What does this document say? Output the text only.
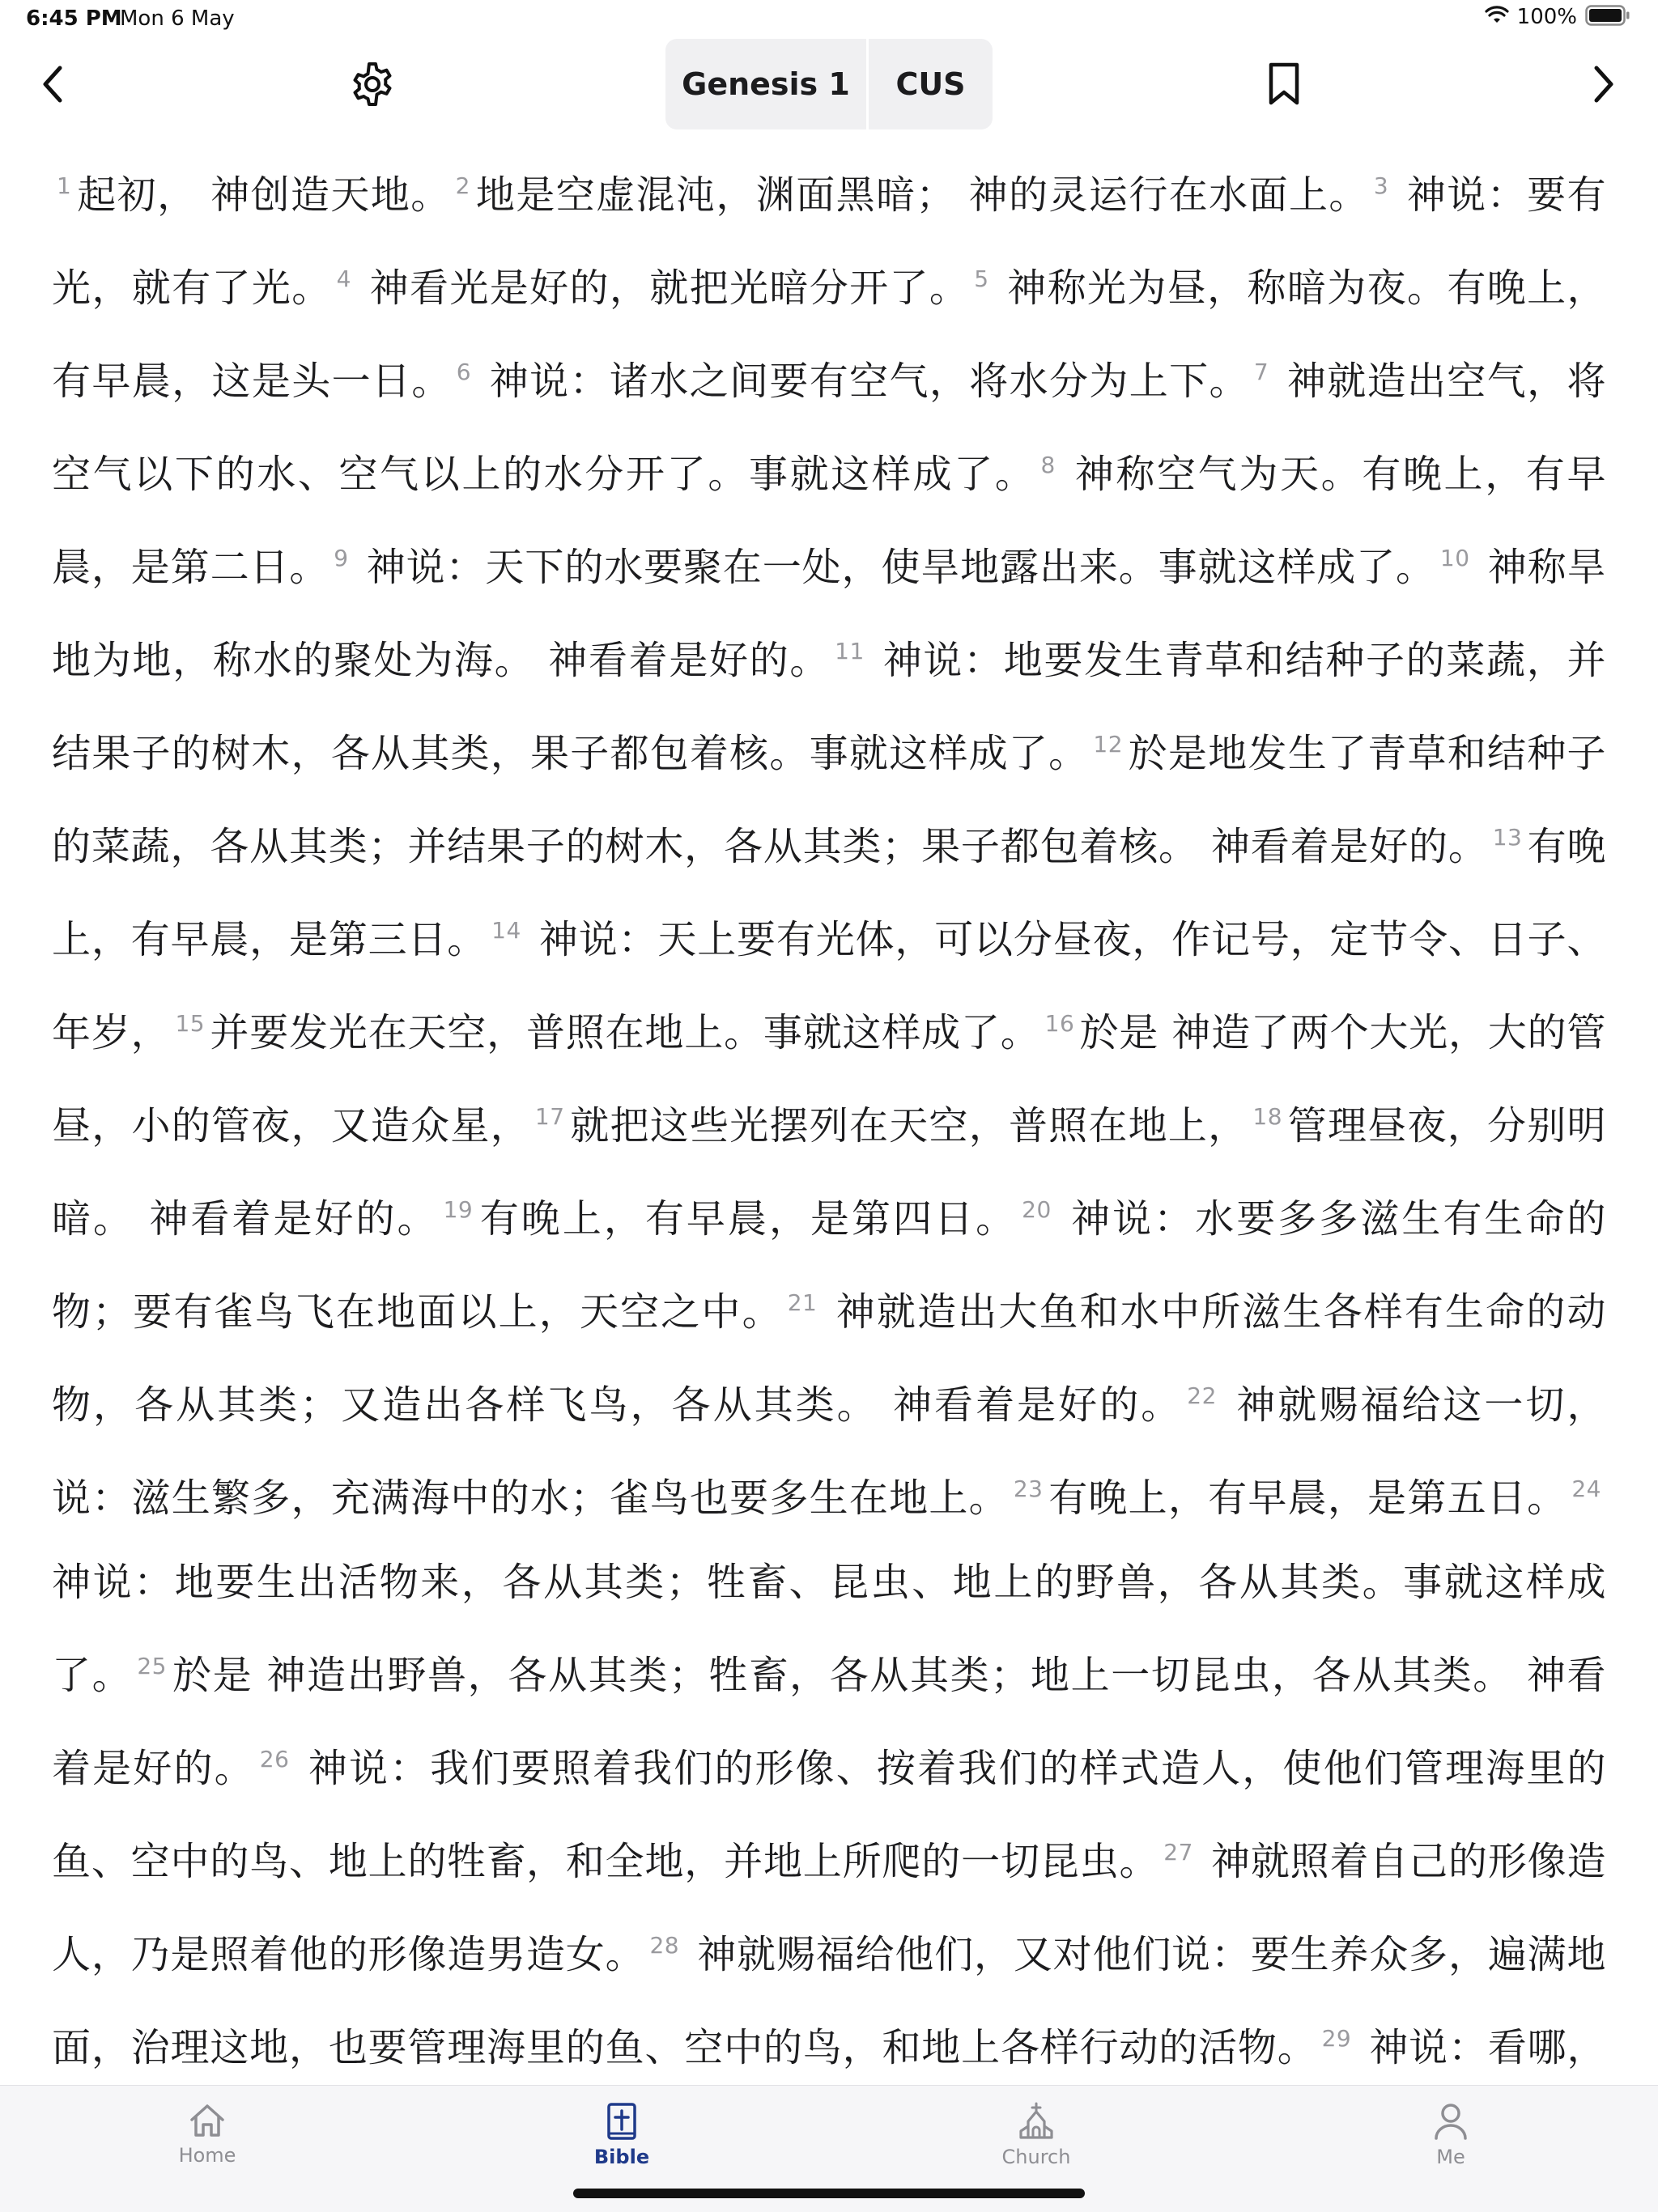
6:45 PM
Mon 6 May	100%
Genesis 1	CUS
$^1$ 起初， 神创造天地。 $^2$ 地是空虚混沌，渊面黑暗； 神的灵运行在水面上。 $^3$ 神说：要有光，就有了光。 $^4$ 神看光是好的，就把光暗分开了。 $^5$ 神称光为昼，称暗为夜。有晚上，有早晨，这是头一日。 $^6$ 神说：诸水之间要有空气，将水分为上下。 $^7$ 神就造出空气，将空气以下的水、空气以上的水分开了。事就这样成了。 $^8$ 神称空气为天。有晚上，有早晨，是第二日。 $^9$ 神说：天下的水要聚在一处，使旱地露出来。事就这样成了。 $^{10}$ 神称旱地为地，称水的聚处为海。 神看着是好的。 $^{11}$ 神说：地要发生青草和结种子的菜蔬，并结果子的树木，各从其类，果子都包着核。事就这样成了。 $^{12}$ 於是地发生了青草和结种子的菜蔬，各从其类；并结果子的树木，各从其类；果子都包着核。 神看着是好的。 $^{13}$ 有晚上，有早晨，是第三日。 $^{14}$ 神说：天上要有光体，可以分昼夜，作记号，定节令、日子、年岁， $^{15}$ 并要发光在天空，普照在地上。事就这样成了。 $^{16}$ 於是 神造了两个大光，大的管昼，小的管夜，又造众星， $^{17}$ 就把这些光摆列在天空，普照在地上， $^{18}$ 管理昼夜，分别明暗。 神看着是好的。 $^{19}$ 有晚上，有早晨，是第四日。 $^{20}$ 神说：水要多多滋生有生命的物；要有雀鸟飞在地面以上，天空之中。 $^{21}$ 神就造出大鱼和水中所滋生各样有生命的动物，各从其类；又造出各样飞鸟，各从其类。 神看着是好的。 $^{22}$ 神就赐福给这一切，说：滋生繁多，充满海中的水；雀鸟也要多生在地上。 $^{23}$ 有晚上，有早晨，是第五日。 $^{24}$ 神说：地要生出活物来，各从其类；牲畜、昆虫、地上的野兽，各从其类。事就这样成了。 $^{25}$ 於是 神造出野兽，各从其类；牲畜，各从其类；地上一切昆虫，各从其类。 神看着是好的。 $^{26}$ 神说：我们要照着我们的形像、按着我们的样式造人，使他们管理海里的鱼、空中的鸟、地上的牲畜，和全地，并地上所爬的一切昆虫。 $^{27}$ 神就照着自己的形像造人，乃是照着他的形像造男造女。 $^{28}$ 神就赐福给他们，又对他们说：要生养众多，遍满地面，治理这地，也要管理海里的鱼、空中的鸟，和地上各样行动的活物。 $^{29}$ 神说：看哪，
Home	Bible	Church	Me
